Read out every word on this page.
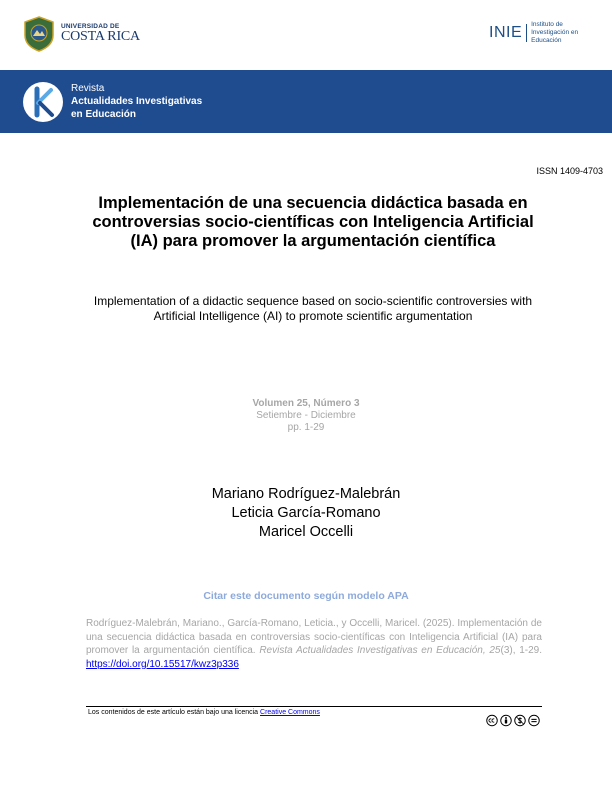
UNIVERSIDAD DE
COSTA RICA	INIE	Instituto de
Investigación en
Educación
Revista
Actualidades Investigativas
en Educación
ISSN 1409-4703
Implementación de una secuencia didáctica basada en controversias socio-científicas con Inteligencia Artificial (IA) para promover la argumentación científica
Implementation of a didactic sequence based on socio-scientific controversies with Artificial Intelligence (AI) to promote scientific argumentation
Volumen 25, Número 3
Setiembre - Diciembre
pp. 1-29
Mariano Rodríguez-Malebrán
Leticia García-Romano
Maricel Occelli
Citar este documento según modelo APA
Rodríguez-Malebrán, Mariano., García-Romano, Leticia., y Occelli, Maricel. (2025). Implementación de una secuencia didáctica basada en controversias socio-científicas con Inteligencia Artificial (IA) para promover la argumentación científica. Revista Actualidades Investigativas en Educación, 25(3), 1-29. https://doi.org/10.15517/kwz3p336
Los contenidos de este artículo están bajo una licencia Creative Commons
